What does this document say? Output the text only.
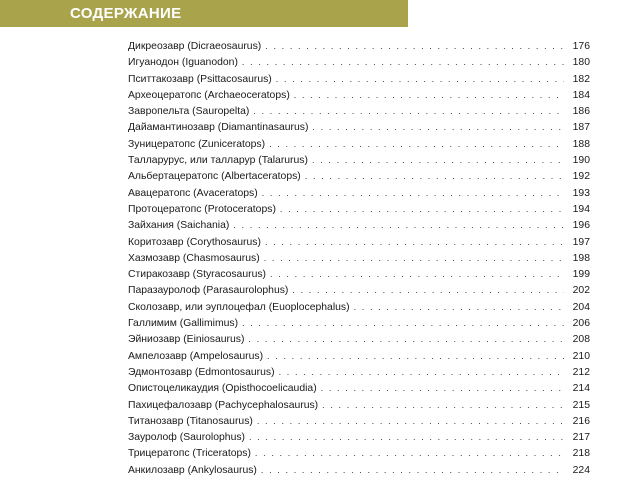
СОДЕРЖАНИЕ
Дикреозавр (Dicraeosaurus) . . .	176
Игуанодон (Iguanodon) . . .	180
Пситтакозавр (Psittacosaurus) . . .	182
Археоцератопс (Archaeoceratops) . . .	184
Завропельта (Sauropelta) . . .	186
Дайамантинозавр (Diamantinasaurus) . . .	187
Зуницератопс (Zuniceratops) . . .	188
Талларурус, или талларур (Talarurus) . . .	190
Альбертацератопс (Albertaceratops) . . .	192
Авацератопс (Avaceratops) . . .	193
Протоцератопс (Protoceratops) . . .	194
Зайхания (Saichania) . . .	196
Коритозавр (Corythosaurus) . . .	197
Хазмозавр (Chasmosaurus) . . .	198
Стиракозавр (Styracosaurus) . . .	199
Паразауролоф (Parasaurolophus) . . .	202
Сколозавр, или эуплоцефал (Euoplocephalus) . . .	204
Галлимим (Gallimimus) . . .	206
Эйниозавр (Einiosaurus) . . .	208
Ампелозавр (Ampelosaurus) . . .	210
Эдмонтозавр (Edmontosaurus) . . .	212
Опистоцеликаудия (Opisthocoelicaudia) . . .	214
Пахицефалозавр (Pachycephalosaurus) . . .	215
Титанозавр (Titanosaurus) . . .	216
Зауролоф (Saurolophus) . . .	217
Трицератопс (Triceratops) . . .	218
Анкилозавр (Ankylosaurus) . . .	224
